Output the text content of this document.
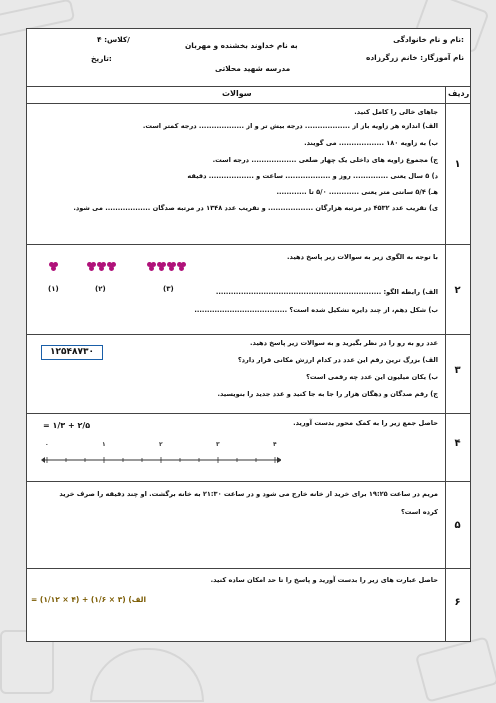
نام و نام خانوادگی:
نام آموزگار: خانم زرگرزاده
به نام خداوند بخشنده و مهربان
مدرسه شهید محلاتی
کلاس: ۴/
تاریخ:
ردیف
سوالات
۱
جاهای خالی را کامل کنید.
الف) اندازه هر زاویه باز از .................. درجه بیش تر و از .................. درجه کمتر است.
ب) به زاویه ۱۸۰ .................. می گویند.
ج) مجموع زاویه های داخلی یک چهار ضلعی .................. درجه است.
د) ۵ سال یعنی .............. روز و .................. ساعت و .................. دقیقه
هـ) ۵/۴ سانتی متر یعنی ............ ۵/۰ تا ............
ی) تقریب عدد ۴۵۳۲ در مرتبه هزارگان .................. و تقریب عدد ۱۳۴۸ در مرتبه صدگان .................. می شود.
۲
با توجه به الگوی زیر به سوالات زیر پاسخ دهید.
الف) رابطه الگو: ..................................................................
ب) شکل دهم، از چند دایره تشکیل شده است؟ .....................................
(۱)	(۲)	(۳)
۳
۱۲۵۴۸۷۳۰
عدد رو به رو را در نظر بگیرید و به سوالات زیر پاسخ دهید.
الف) بزرگ ترین رقم این عدد در کدام ارزش مکانی قرار دارد؟
ب) یکان میلیون این عدد چه رقمی است؟
ج) رقم صدگان و دهگان هزار را جا به جا کنید و عدد جدید را بنویسید.
۴
حاصل جمع زیر را به کمک محور بدست آورید.
۲/۵ + ۱/۳ =
۰	۱	۲	۳	۴
۵
مریم در ساعت ۱۹:۲۵ برای خرید از خانه خارج می شود و در ساعت ۲۱:۳۰ به خانه برگشت. او چند دقیقه را صرف خرید
کرده است؟
۶
حاصل عبارت های زیر را بدست آورید و پاسخ را تا حد امکان ساده کنید.
الف) (۳ × ۱/۶) + (۴ × ۱/۱۲) =
